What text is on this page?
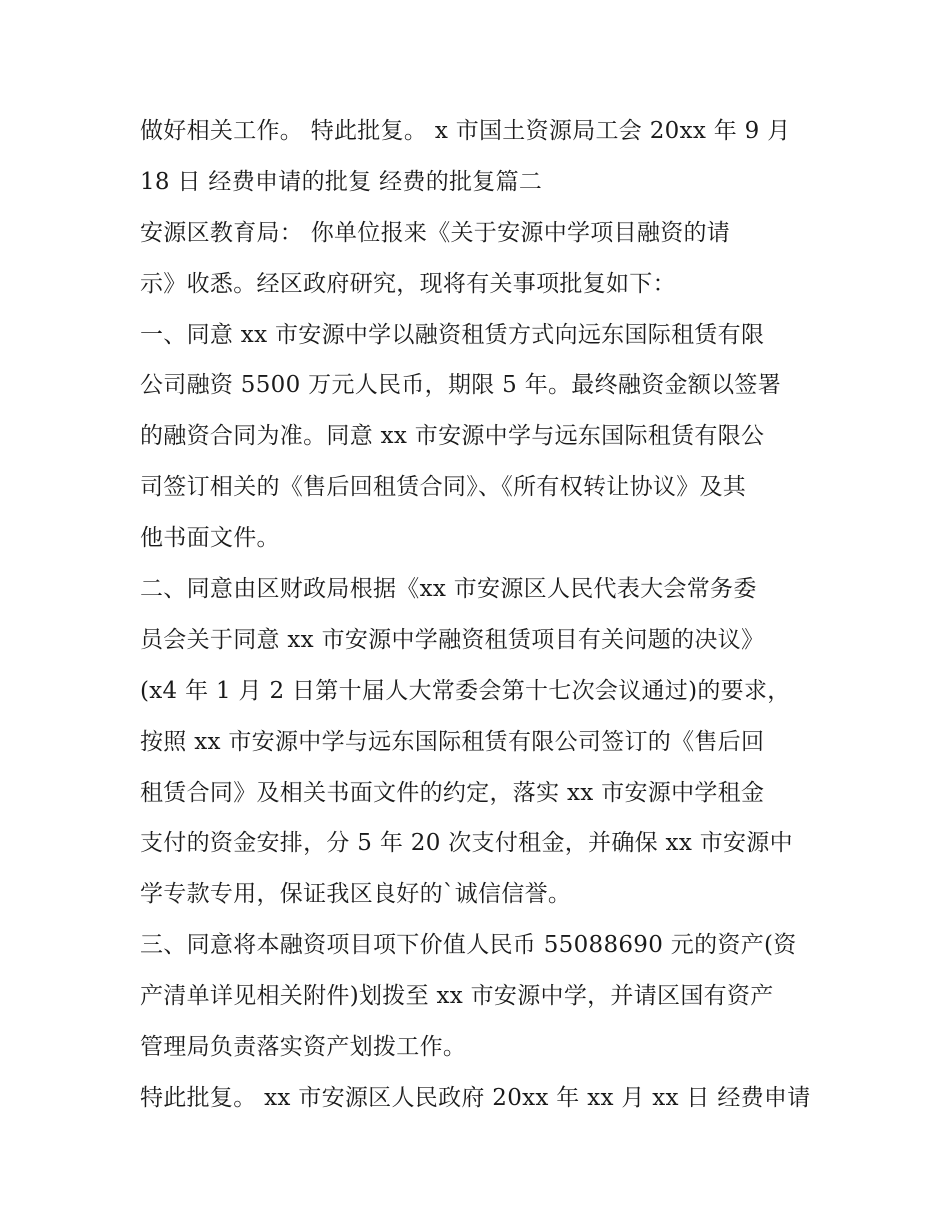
做好相关工作。 特此批复。 x 市国土资源局工会 20xx 年 9 月
18 日 经费申请的批复 经费的批复篇二
安源区教育局： 你单位报来《关于安源中学项目融资的请
示》收悉。经区政府研究，现将有关事项批复如下：
一、同意 xx 市安源中学以融资租赁方式向远东国际租赁有限
公司融资 5500 万元人民币，期限 5 年。最终融资金额以签署
的融资合同为准。同意 xx 市安源中学与远东国际租赁有限公
司签订相关的《售后回租赁合同》、《所有权转让协议》及其
他书面文件。
二、同意由区财政局根据《xx 市安源区人民代表大会常务委
员会关于同意 xx 市安源中学融资租赁项目有关问题的决议》
(x4 年 1 月 2 日第十届人大常委会第十七次会议通过)的要求，
按照 xx 市安源中学与远东国际租赁有限公司签订的《售后回
租赁合同》及相关书面文件的约定，落实 xx 市安源中学租金
支付的资金安排，分 5 年 20 次支付租金，并确保 xx 市安源中
学专款专用，保证我区良好的`诚信信誉。
三、同意将本融资项目项下价值人民币 55088690 元的资产(资
产清单详见相关附件)划拨至 xx 市安源中学，并请区国有资产
管理局负责落实资产划拨工作。
特此批复。 xx 市安源区人民政府 20xx 年 xx 月 xx 日 经费申请
